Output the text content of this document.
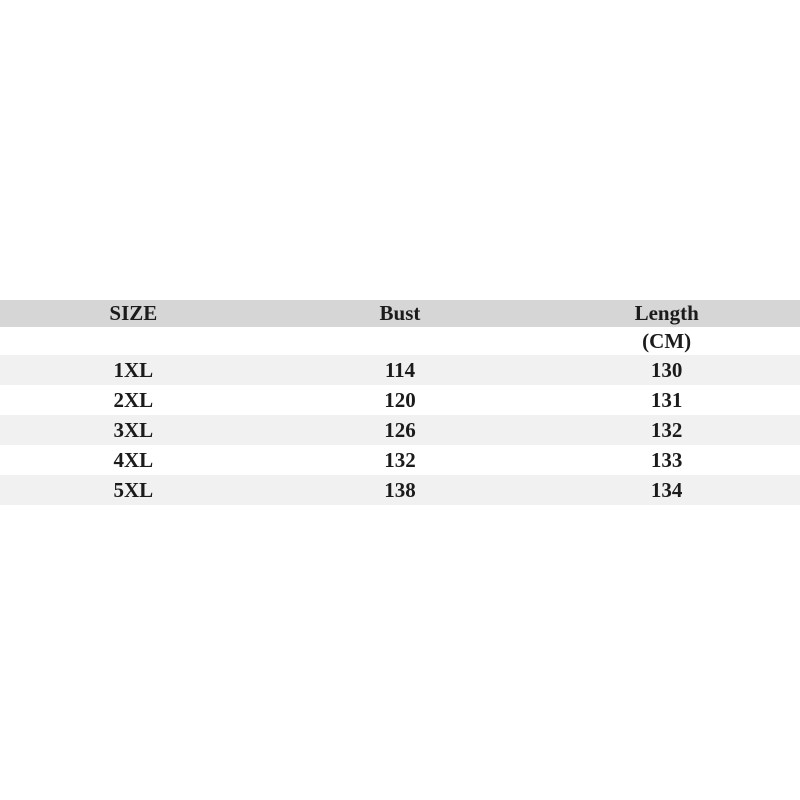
SIZE	Bust	Length
		(CM)
1XL	114	130
2XL	120	131
3XL	126	132
4XL	132	133
5XL	138	134
